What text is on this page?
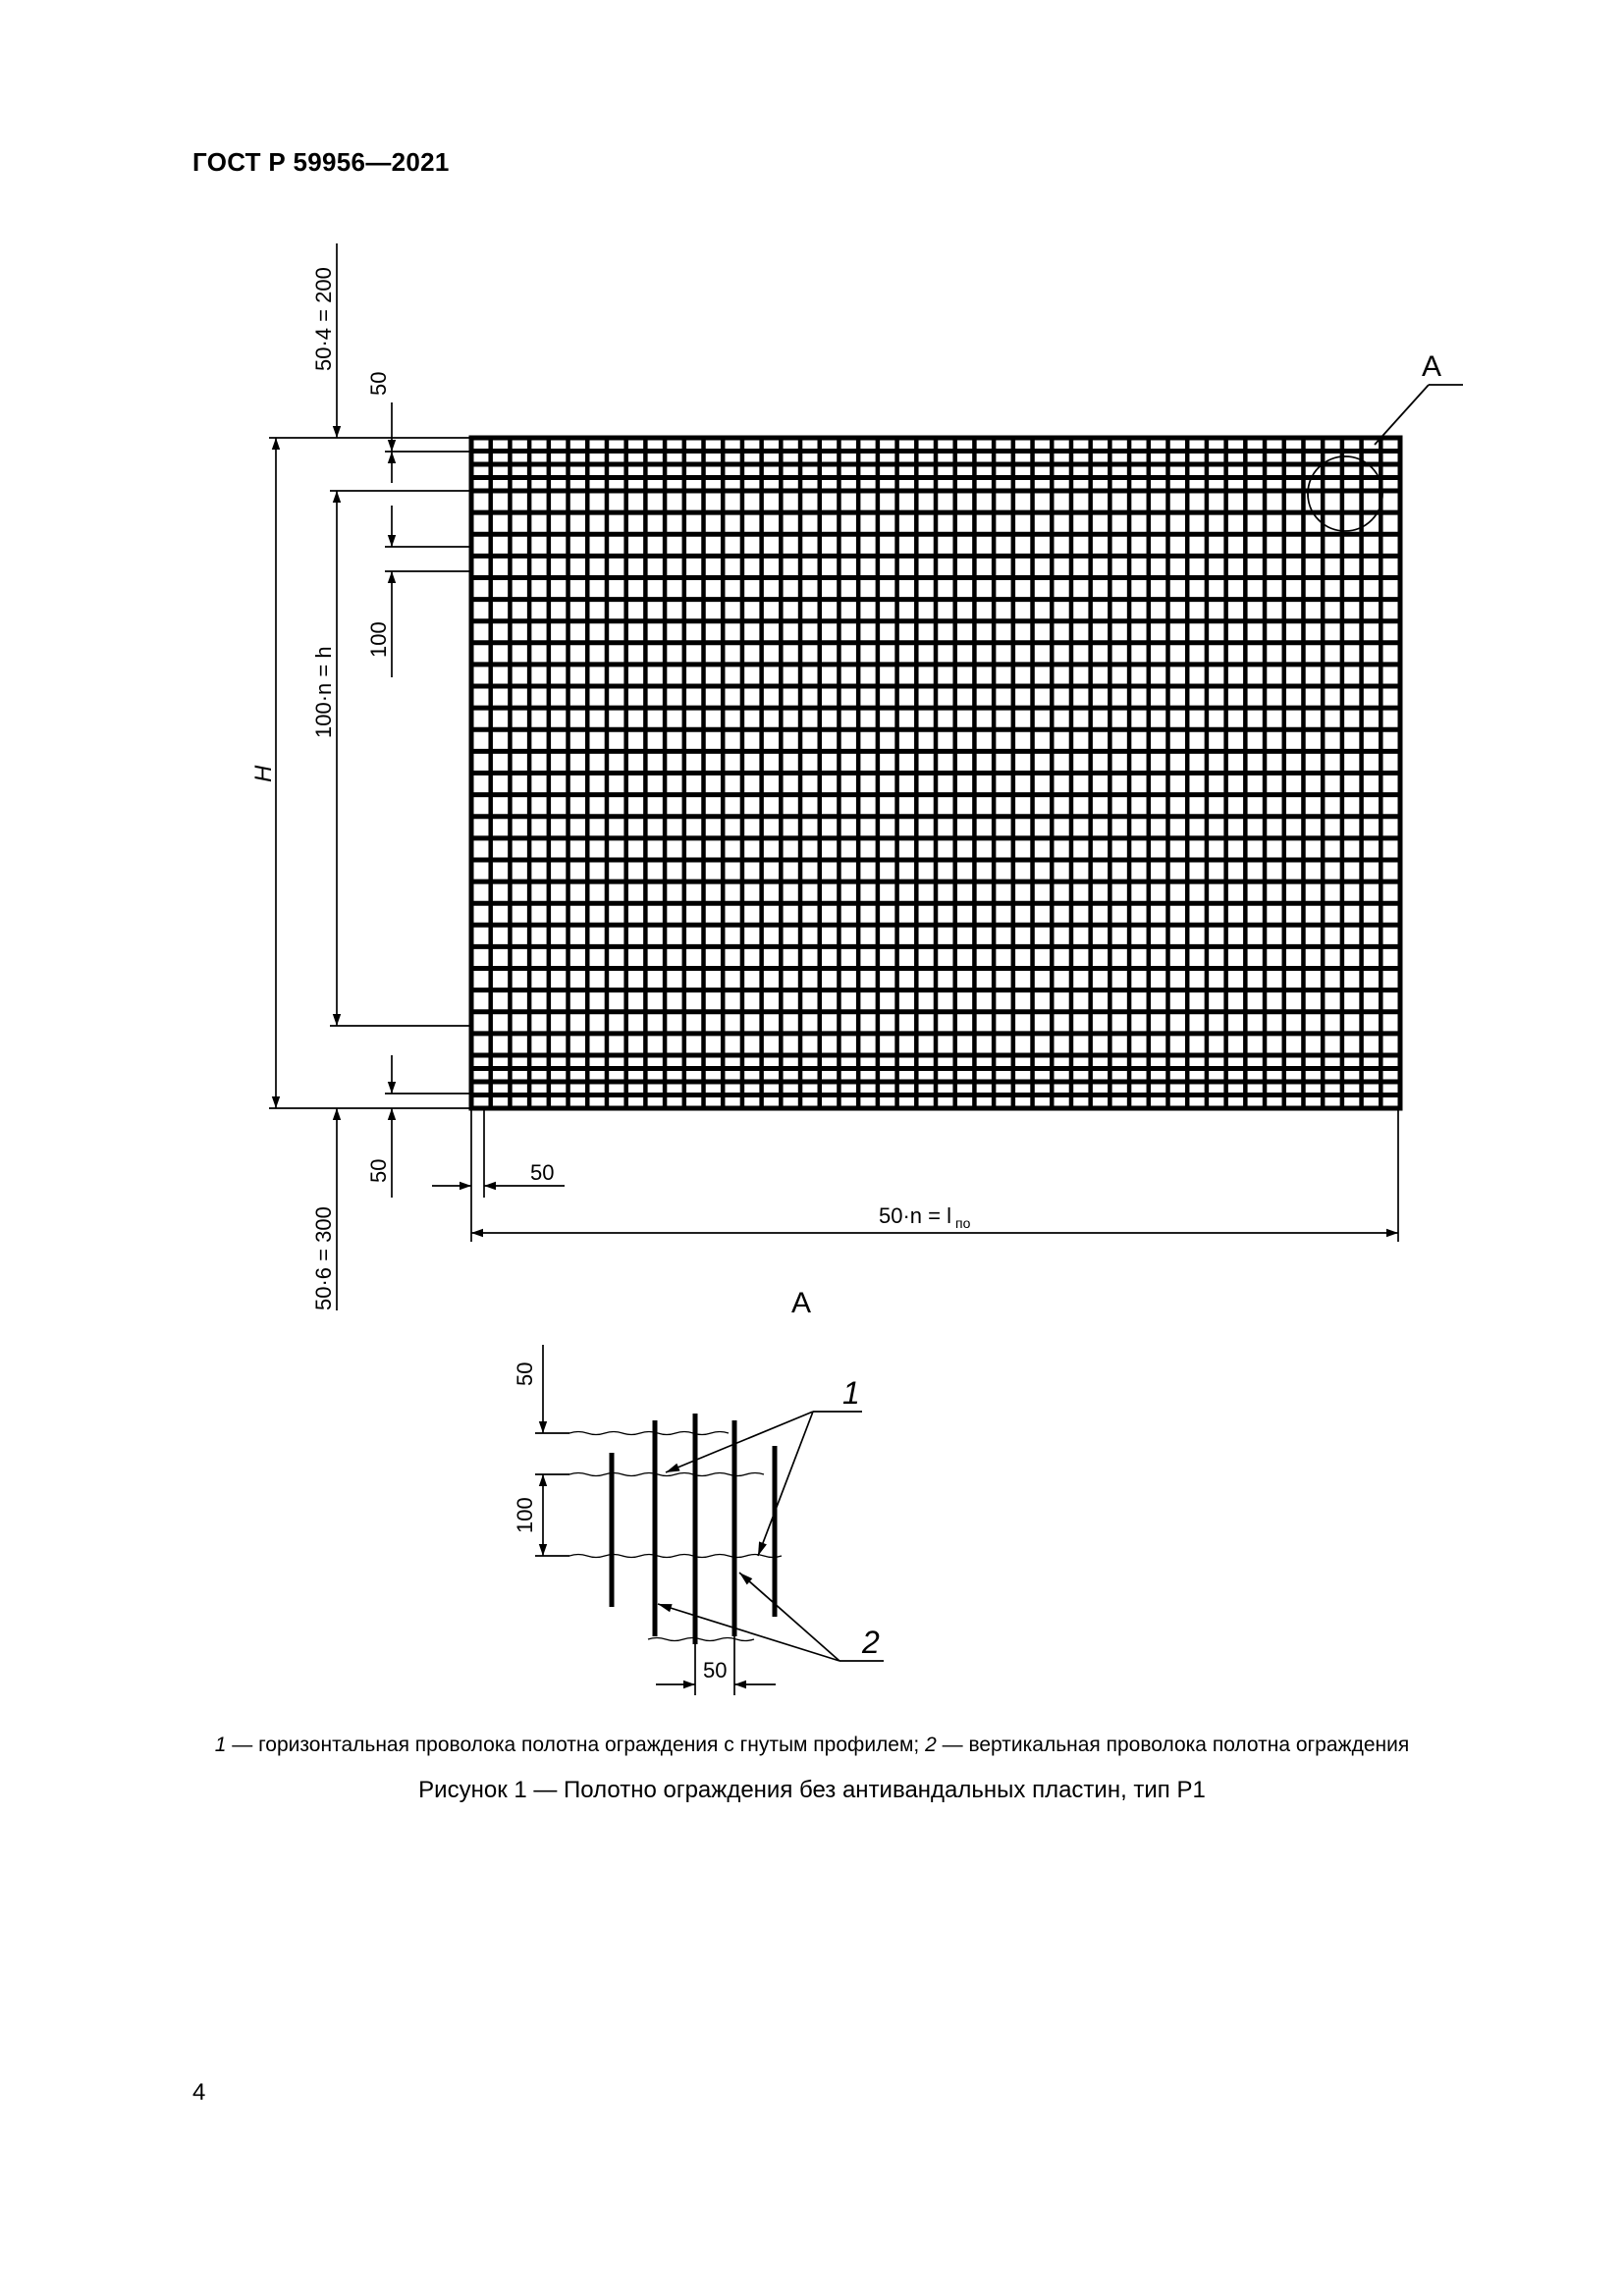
ГОСТ Р 59956—2021
А
50·4 = 200
50
100
H
100·n = h
50
50·6 = 300
50
50·n = l $_{по}$
А
50
100
50
1
2
1 — горизонтальная проволока полотна ограждения с гнутым профилем; 2 — вертикальная проволока полотна ограждения
Рисунок 1 — Полотно ограждения без антивандальных пластин, тип Р1
4
